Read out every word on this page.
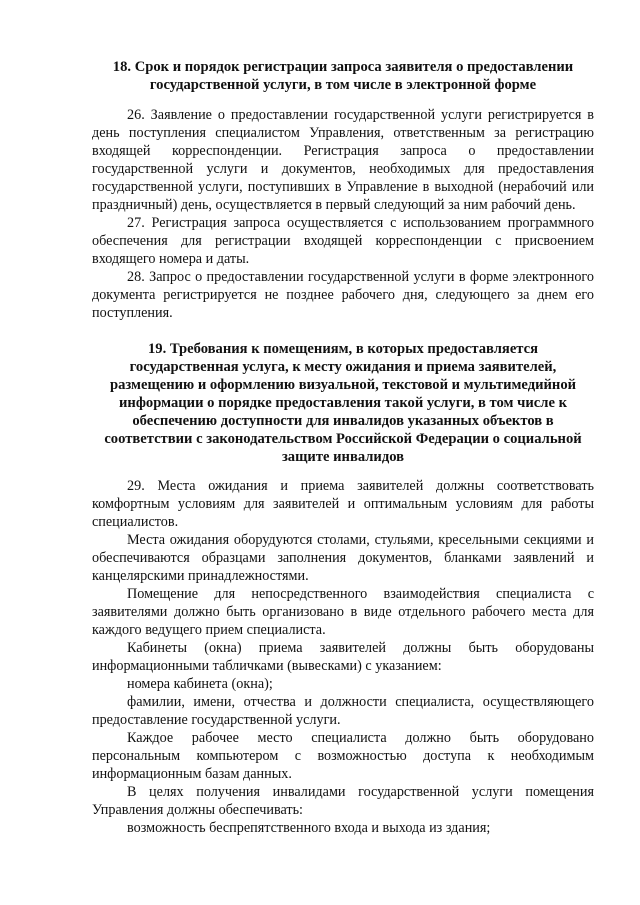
18. Срок и порядок регистрации запроса заявителя о предоставлении государственной услуги, в том числе в электронной форме

26. Заявление о предоставлении государственной услуги регистрируется в день поступления специалистом Управления, ответственным за регистрацию входящей корреспонденции. Регистрация запроса о предоставлении государственной услуги и документов, необходимых для предоставления государственной услуги, поступивших в Управление в выходной (нерабочий или праздничный) день, осуществляется в первый следующий за ним рабочий день.

27. Регистрация запроса осуществляется с использованием программного обеспечения для регистрации входящей корреспонденции с присвоением входящего номера и даты.

28. Запрос о предоставлении государственной услуги в форме электронного документа регистрируется не позднее рабочего дня, следующего за днем его поступления.

19. Требования к помещениям, в которых предоставляется государственная услуга, к месту ожидания и приема заявителей, размещению и оформлению визуальной, текстовой и мультимедийной информации о порядке предоставления такой услуги, в том числе к обеспечению доступности для инвалидов указанных объектов в соответствии с законодательством Российской Федерации о социальной защите инвалидов

29. Места ожидания и приема заявителей должны соответствовать комфортным условиям для заявителей и оптимальным условиям для работы специалистов.

Места ожидания оборудуются столами, стульями, кресельными секциями и обеспечиваются образцами заполнения документов, бланками заявлений и канцелярскими принадлежностями.

Помещение для непосредственного взаимодействия специалиста с заявителями должно быть организовано в виде отдельного рабочего места для каждого ведущего прием специалиста.

Кабинеты (окна) приема заявителей должны быть оборудованы информационными табличками (вывесками) с указанием:

номера кабинета (окна);

фамилии, имени, отчества и должности специалиста, осуществляющего предоставление государственной услуги.

Каждое рабочее место специалиста должно быть оборудовано персональным компьютером с возможностью доступа к необходимым информационным базам данных.

В целях получения инвалидами государственной услуги помещения Управления должны обеспечивать:

возможность беспрепятственного входа и выхода из здания;
